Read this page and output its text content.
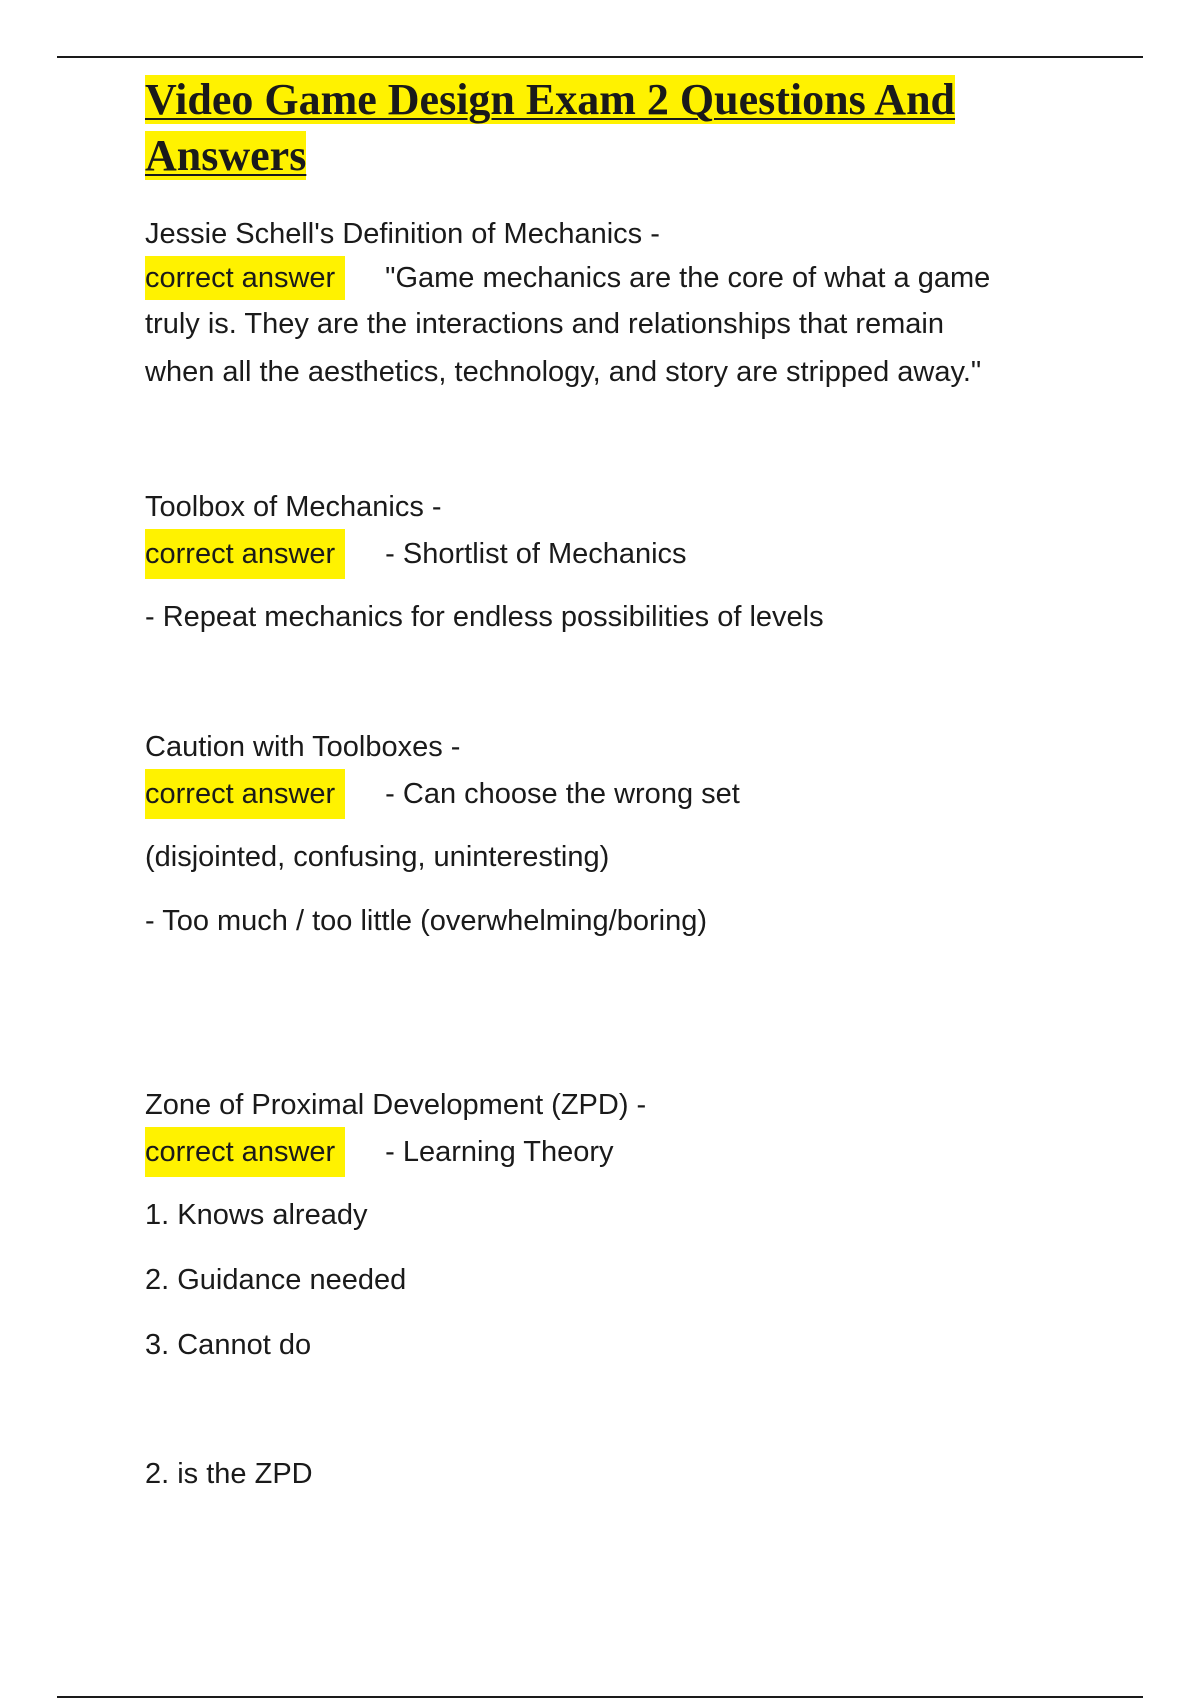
Video Game Design Exam 2 Questions And
Answers

Jessie Schell's Definition of Mechanics -

correct answer "Game mechanics are the core of what a game

truly is. They are the interactions and relationships that remain

when all the aesthetics, technology, and story are stripped away."

Toolbox of Mechanics -

correct answer - Shortlist of Mechanics

- Repeat mechanics for endless possibilities of levels

Caution with Toolboxes -

correct answer - Can choose the wrong set

(disjointed, confusing, uninteresting)

- Too much / too little (overwhelming/boring)

Zone of Proximal Development (ZPD) -

correct answer - Learning Theory

1. Knows already

2. Guidance needed

3. Cannot do

2. is the ZPD
